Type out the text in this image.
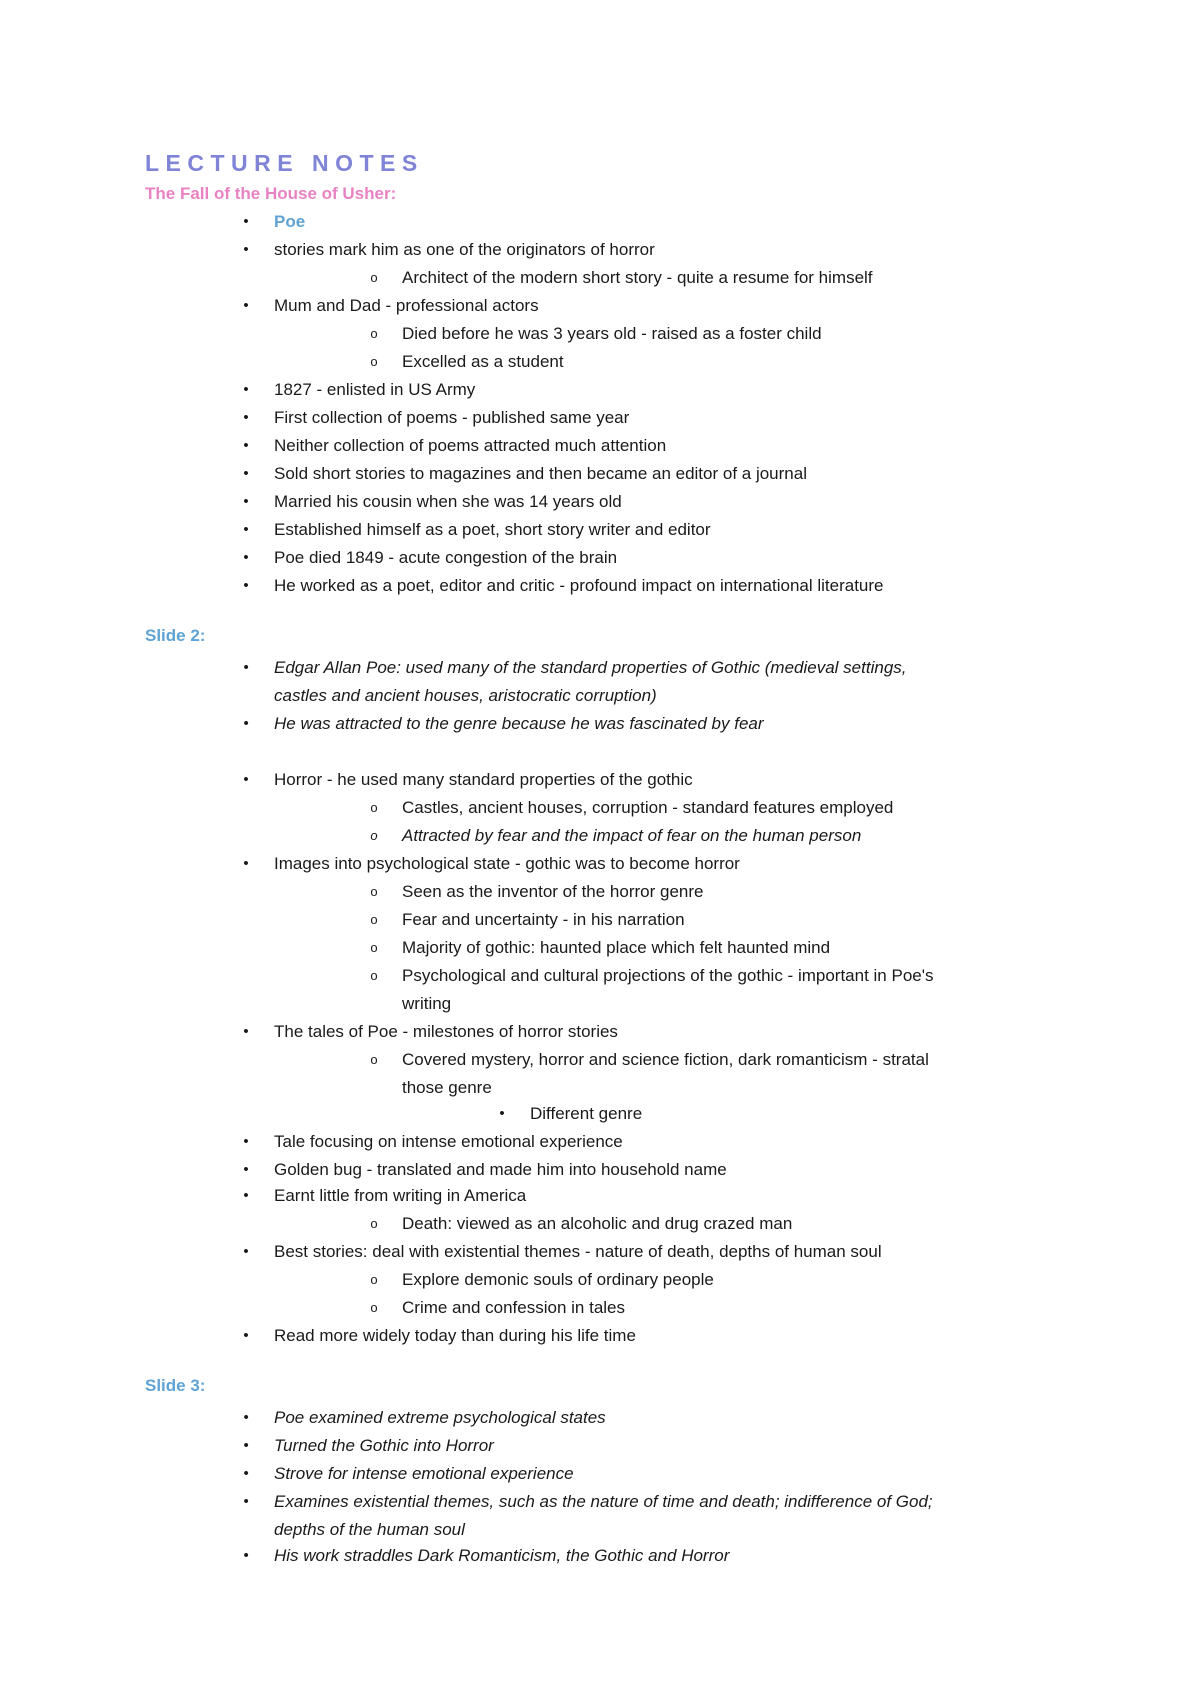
LECTURE NOTES
The Fall of the House of Usher:
•	Poe
•	stories mark him as one of the originators of horror
o	Architect of the modern short story - quite a resume for himself
•	Mum and Dad - professional actors
o	Died before he was 3 years old - raised as a foster child
o	Excelled as a student
•	1827 - enlisted in US Army
•	First collection of poems - published same year
•	Neither collection of poems attracted much attention
•	Sold short stories to magazines and then became an editor of a journal
•	Married his cousin when she was 14 years old
•	Established himself as a poet, short story writer and editor
•	Poe died 1849 - acute congestion of the brain
•	He worked as a poet, editor and critic - profound impact on international literature
Slide 2:
•	Edgar Allan Poe: used many of the standard properties of Gothic (medieval settings,
castles and ancient houses, aristocratic corruption)
•	He was attracted to the genre because he was fascinated by fear
•	Horror - he used many standard properties of the gothic
o	Castles, ancient houses, corruption - standard features employed
o	Attracted by fear and the impact of fear on the human person
•	Images into psychological state - gothic was to become horror
o	Seen as the inventor of the horror genre
o	Fear and uncertainty - in his narration
o	Majority of gothic: haunted place which felt haunted mind
o	Psychological and cultural projections of the gothic - important in Poe's
writing
•	The tales of Poe - milestones of horror stories
o	Covered mystery, horror and science fiction, dark romanticism - stratal
those genre
•	Different genre
•	Tale focusing on intense emotional experience
•	Golden bug - translated and made him into household name
•	Earnt little from writing in America
o	Death: viewed as an alcoholic and drug crazed man
•	Best stories: deal with existential themes - nature of death, depths of human soul
o	Explore demonic souls of ordinary people
o	Crime and confession in tales
•	Read more widely today than during his life time
Slide 3:
•	Poe examined extreme psychological states
•	Turned the Gothic into Horror
•	Strove for intense emotional experience
•	Examines existential themes, such as the nature of time and death; indifference of God;
depths of the human soul
•	His work straddles Dark Romanticism, the Gothic and Horror
